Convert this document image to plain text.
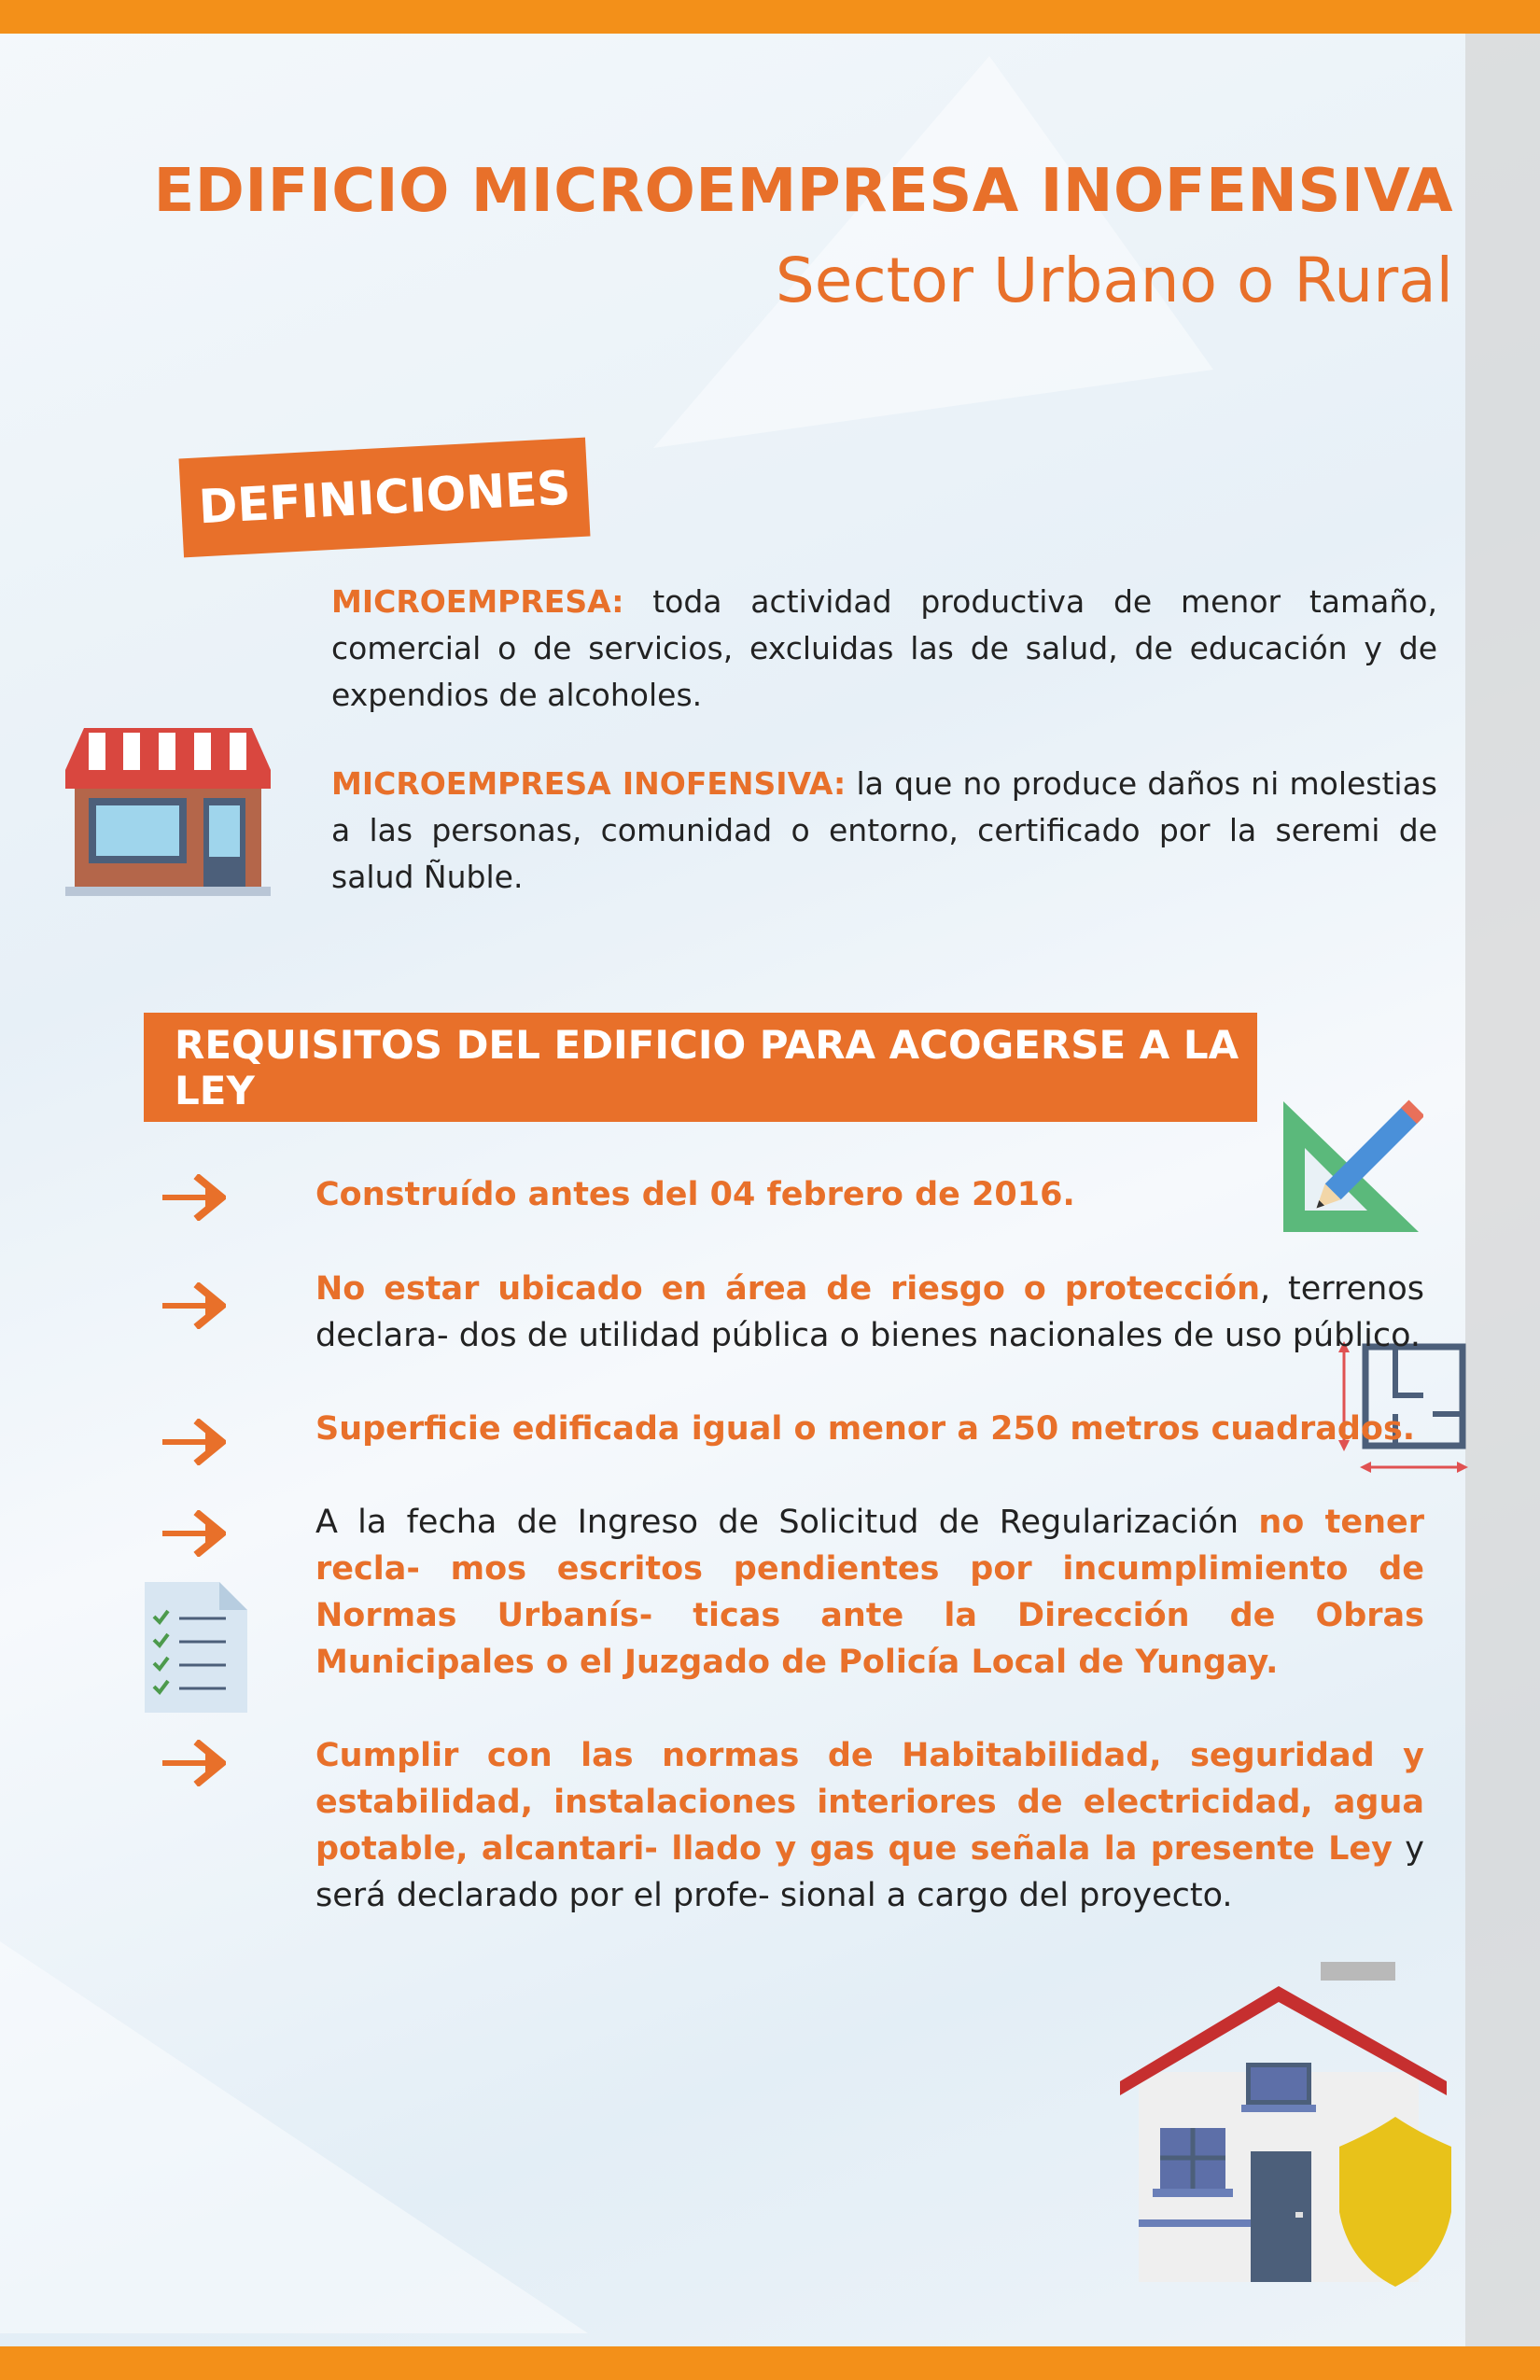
EDIFICIO MICROEMPRESA INOFENSIVA
Sector Urbano o Rural
DEFINICIONES
MICROEMPRESA: toda actividad productiva de menor tamaño, comercial o de servicios, excluidas las de salud, de educación y de expendios de alcoholes.
MICROEMPRESA INOFENSIVA: la que no produce daños ni molestias a las personas, comunidad o entorno, certificado por la seremi de salud Ñuble.
REQUISITOS DEL EDIFICIO PARA ACOGERSE A LA LEY
Construído antes del 04 febrero de 2016.
No estar ubicado en área de riesgo o protección, terrenos declara- dos de utilidad pública o bienes nacionales de uso público.
Superficie edificada igual o menor a 250 metros cuadrados.
A la fecha de Ingreso de Solicitud de Regularización no tener recla- mos escritos pendientes por incumplimiento de Normas Urbanís- ticas ante la Dirección de Obras Municipales o el Juzgado de Policía Local de Yungay.
Cumplir con las normas de Habitabilidad, seguridad y estabilidad, instalaciones interiores de electricidad, agua potable, alcantari- llado y gas que señala la presente Ley y será declarado por el profe- sional a cargo del proyecto.
